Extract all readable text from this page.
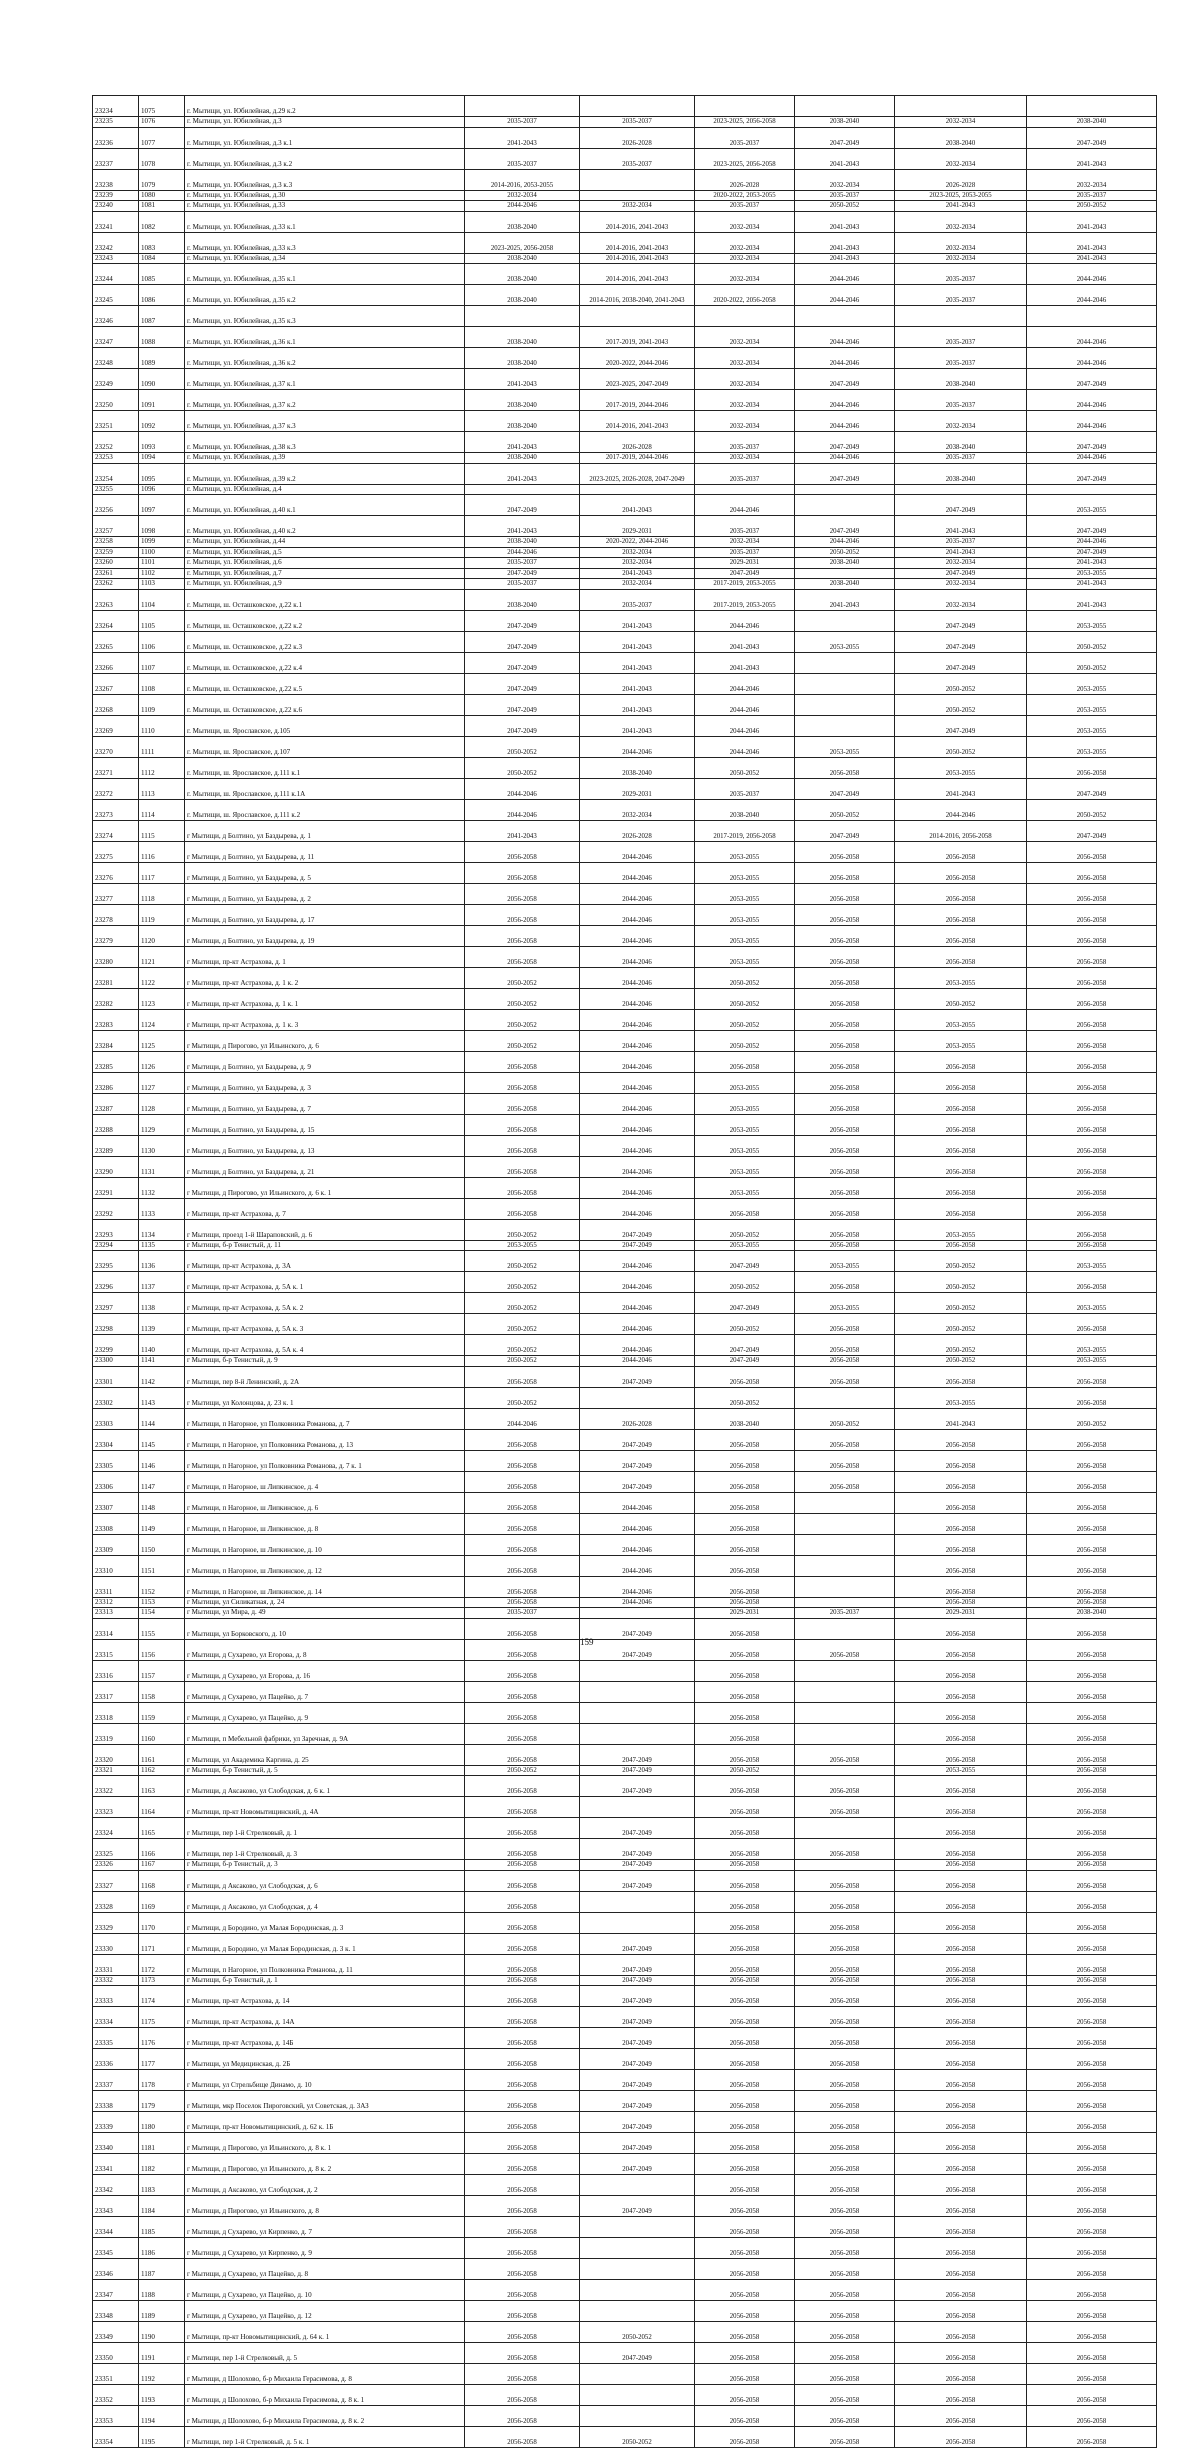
23234	1075	г. Мытищи, ул. Юбилейная, д.29 к.2						
23235	1076	г. Мытищи, ул. Юбилейная, д.3	2035-2037	2035-2037	2023-2025, 2056-2058	2038-2040	2032-2034	2038-2040
23236	1077	г. Мытищи, ул. Юбилейная, д.3 к.1	2041-2043	2026-2028	2035-2037	2047-2049	2038-2040	2047-2049
23237	1078	г. Мытищи, ул. Юбилейная, д.3 к.2	2035-2037	2035-2037	2023-2025, 2056-2058	2041-2043	2032-2034	2041-2043
23238	1079	г. Мытищи, ул. Юбилейная, д.3 к.3	2014-2016, 2053-2055		2026-2028	2032-2034	2026-2028	2032-2034
23239	1080	г. Мытищи, ул. Юбилейная, д.30	2032-2034		2020-2022, 2053-2055	2035-2037	2023-2025, 2053-2055	2035-2037
23240	1081	г. Мытищи, ул. Юбилейная, д.33	2044-2046	2032-2034	2035-2037	2050-2052	2041-2043	2050-2052
23241	1082	г. Мытищи, ул. Юбилейная, д.33 к.1	2038-2040	2014-2016, 2041-2043	2032-2034	2041-2043	2032-2034	2041-2043
23242	1083	г. Мытищи, ул. Юбилейная, д.33 к.3	2023-2025, 2056-2058	2014-2016, 2041-2043	2032-2034	2041-2043	2032-2034	2041-2043
23243	1084	г. Мытищи, ул. Юбилейная, д.34	2038-2040	2014-2016, 2041-2043	2032-2034	2041-2043	2032-2034	2041-2043
23244	1085	г. Мытищи, ул. Юбилейная, д.35 к.1	2038-2040	2014-2016, 2041-2043	2032-2034	2044-2046	2035-2037	2044-2046
23245	1086	г. Мытищи, ул. Юбилейная, д.35 к.2	2038-2040	2014-2016, 2038-2040, 2041-2043	2020-2022, 2056-2058	2044-2046	2035-2037	2044-2046
23246	1087	г. Мытищи, ул. Юбилейная, д.35 к.3						
23247	1088	г. Мытищи, ул. Юбилейная, д.36 к.1	2038-2040	2017-2019, 2041-2043	2032-2034	2044-2046	2035-2037	2044-2046
23248	1089	г. Мытищи, ул. Юбилейная, д.36 к.2	2038-2040	2020-2022, 2044-2046	2032-2034	2044-2046	2035-2037	2044-2046
23249	1090	г. Мытищи, ул. Юбилейная, д.37 к.1	2041-2043	2023-2025, 2047-2049	2032-2034	2047-2049	2038-2040	2047-2049
23250	1091	г. Мытищи, ул. Юбилейная, д.37 к.2	2038-2040	2017-2019, 2044-2046	2032-2034	2044-2046	2035-2037	2044-2046
23251	1092	г. Мытищи, ул. Юбилейная, д.37 к.3	2038-2040	2014-2016, 2041-2043	2032-2034	2044-2046	2032-2034	2044-2046
23252	1093	г. Мытищи, ул. Юбилейная, д.38 к.3	2041-2043	2026-2028	2035-2037	2047-2049	2038-2040	2047-2049
23253	1094	г. Мытищи, ул. Юбилейная, д.39	2038-2040	2017-2019, 2044-2046	2032-2034	2044-2046	2035-2037	2044-2046
23254	1095	г. Мытищи, ул. Юбилейная, д.39 к.2	2041-2043	2023-2025, 2026-2028, 2047-2049	2035-2037	2047-2049	2038-2040	2047-2049
23255	1096	г. Мытищи, ул. Юбилейная, д.4						
23256	1097	г. Мытищи, ул. Юбилейная, д.40 к.1	2047-2049	2041-2043	2044-2046		2047-2049	2053-2055
23257	1098	г. Мытищи, ул. Юбилейная, д.40 к.2	2041-2043	2029-2031	2035-2037	2047-2049	2041-2043	2047-2049
23258	1099	г. Мытищи, ул. Юбилейная, д.44	2038-2040	2020-2022, 2044-2046	2032-2034	2044-2046	2035-2037	2044-2046
23259	1100	г. Мытищи, ул. Юбилейная, д.5	2044-2046	2032-2034	2035-2037	2050-2052	2041-2043	2047-2049
23260	1101	г. Мытищи, ул. Юбилейная, д.6	2035-2037	2032-2034	2029-2031	2038-2040	2032-2034	2041-2043
23261	1102	г. Мытищи, ул. Юбилейная, д.7	2047-2049	2041-2043	2047-2049		2047-2049	2053-2055
23262	1103	г. Мытищи, ул. Юбилейная, д.9	2035-2037	2032-2034	2017-2019, 2053-2055	2038-2040	2032-2034	2041-2043
23263	1104	г. Мытищи, ш. Осташковское, д.22 к.1	2038-2040	2035-2037	2017-2019, 2053-2055	2041-2043	2032-2034	2041-2043
23264	1105	г. Мытищи, ш. Осташковское, д.22 к.2	2047-2049	2041-2043	2044-2046		2047-2049	2053-2055
23265	1106	г. Мытищи, ш. Осташковское, д.22 к.3	2047-2049	2041-2043	2041-2043	2053-2055	2047-2049	2050-2052
23266	1107	г. Мытищи, ш. Осташковское, д.22 к.4	2047-2049	2041-2043	2041-2043		2047-2049	2050-2052
23267	1108	г. Мытищи, ш. Осташковское, д.22 к.5	2047-2049	2041-2043	2044-2046		2050-2052	2053-2055
23268	1109	г. Мытищи, ш. Осташковское, д.22 к.6	2047-2049	2041-2043	2044-2046		2050-2052	2053-2055
23269	1110	г. Мытищи, ш. Ярославское, д.105	2047-2049	2041-2043	2044-2046		2047-2049	2053-2055
23270	1111	г. Мытищи, ш. Ярославское, д.107	2050-2052	2044-2046	2044-2046	2053-2055	2050-2052	2053-2055
23271	1112	г. Мытищи, ш. Ярославское, д.111 к.1	2050-2052	2038-2040	2050-2052	2056-2058	2053-2055	2056-2058
23272	1113	г. Мытищи, ш. Ярославское, д.111 к.1А	2044-2046	2029-2031	2035-2037	2047-2049	2041-2043	2047-2049
23273	1114	г. Мытищи, ш. Ярославское, д.111 к.2	2044-2046	2032-2034	2038-2040	2050-2052	2044-2046	2050-2052
23274	1115	г Мытищи, д Болтино, ул Баздырева, д. 1	2041-2043	2026-2028	2017-2019, 2056-2058	2047-2049	2014-2016, 2056-2058	2047-2049
23275	1116	г Мытищи, д Болтино, ул Баздырева, д. 11	2056-2058	2044-2046	2053-2055	2056-2058	2056-2058	2056-2058
23276	1117	г Мытищи, д Болтино, ул Баздырева, д. 5	2056-2058	2044-2046	2053-2055	2056-2058	2056-2058	2056-2058
23277	1118	г Мытищи, д Болтино, ул Баздырева, д. 2	2056-2058	2044-2046	2053-2055	2056-2058	2056-2058	2056-2058
23278	1119	г Мытищи, д Болтино, ул Баздырева, д. 17	2056-2058	2044-2046	2053-2055	2056-2058	2056-2058	2056-2058
23279	1120	г Мытищи, д Болтино, ул Баздырева, д. 19	2056-2058	2044-2046	2053-2055	2056-2058	2056-2058	2056-2058
23280	1121	г Мытищи, пр-кт Астрахова, д. 1	2056-2058	2044-2046	2053-2055	2056-2058	2056-2058	2056-2058
23281	1122	г Мытищи, пр-кт Астрахова, д. 1 к. 2	2050-2052	2044-2046	2050-2052	2056-2058	2053-2055	2056-2058
23282	1123	г Мытищи, пр-кт Астрахова, д. 1 к. 1	2050-2052	2044-2046	2050-2052	2056-2058	2050-2052	2056-2058
23283	1124	г Мытищи, пр-кт Астрахова, д. 1 к. 3	2050-2052	2044-2046	2050-2052	2056-2058	2053-2055	2056-2058
23284	1125	г Мытищи, д Пирогово, ул Ильинского, д. 6	2050-2052	2044-2046	2050-2052	2056-2058	2053-2055	2056-2058
23285	1126	г Мытищи, д Болтино, ул Баздырева, д. 9	2056-2058	2044-2046	2056-2058	2056-2058	2056-2058	2056-2058
23286	1127	г Мытищи, д Болтино, ул Баздырева, д. 3	2056-2058	2044-2046	2053-2055	2056-2058	2056-2058	2056-2058
23287	1128	г Мытищи, д Болтино, ул Баздырева, д. 7	2056-2058	2044-2046	2053-2055	2056-2058	2056-2058	2056-2058
23288	1129	г Мытищи, д Болтино, ул Баздырева, д. 15	2056-2058	2044-2046	2053-2055	2056-2058	2056-2058	2056-2058
23289	1130	г Мытищи, д Болтино, ул Баздырева, д. 13	2056-2058	2044-2046	2053-2055	2056-2058	2056-2058	2056-2058
23290	1131	г Мытищи, д Болтино, ул Баздырева, д. 21	2056-2058	2044-2046	2053-2055	2056-2058	2056-2058	2056-2058
23291	1132	г Мытищи, д Пирогово, ул Ильинского, д. 6 к. 1	2056-2058	2044-2046	2053-2055	2056-2058	2056-2058	2056-2058
23292	1133	г Мытищи, пр-кт Астрахова, д. 7	2056-2058	2044-2046	2056-2058	2056-2058	2056-2058	2056-2058
23293	1134	г Мытищи, проезд 1-й Шараповский, д. 6	2050-2052	2047-2049	2050-2052	2056-2058	2053-2055	2056-2058
23294	1135	г Мытищи, б-р Тенистый, д. 11	2053-2055	2047-2049	2053-2055	2056-2058	2056-2058	2056-2058
23295	1136	г Мытищи, пр-кт Астрахова, д. 3А	2050-2052	2044-2046	2047-2049	2053-2055	2050-2052	2053-2055
23296	1137	г Мытищи, пр-кт Астрахова, д. 5А к. 1	2050-2052	2044-2046	2050-2052	2056-2058	2050-2052	2056-2058
23297	1138	г Мытищи, пр-кт Астрахова, д. 5А к. 2	2050-2052	2044-2046	2047-2049	2053-2055	2050-2052	2053-2055
23298	1139	г Мытищи, пр-кт Астрахова, д. 5А к. 3	2050-2052	2044-2046	2050-2052	2056-2058	2050-2052	2056-2058
23299	1140	г Мытищи, пр-кт Астрахова, д. 5А к. 4	2050-2052	2044-2046	2047-2049	2056-2058	2050-2052	2053-2055
23300	1141	г Мытищи, б-р Тенистый, д. 9	2050-2052	2044-2046	2047-2049	2056-2058	2050-2052	2053-2055
23301	1142	г Мытищи, пер 8-й Ленинский, д. 2А	2056-2058	2047-2049	2056-2058	2056-2058	2056-2058	2056-2058
23302	1143	г Мытищи, ул Колонцова, д. 23 к. 1	2050-2052		2050-2052		2053-2055	2056-2058
23303	1144	г Мытищи, п Нагорное, ул Полковника Романова, д. 7	2044-2046	2026-2028	2038-2040	2050-2052	2041-2043	2050-2052
23304	1145	г Мытищи, п Нагорное, ул Полковника Романова, д. 13	2056-2058	2047-2049	2056-2058	2056-2058	2056-2058	2056-2058
23305	1146	г Мытищи, п Нагорное, ул Полковника Романова, д. 7 к. 1	2056-2058	2047-2049	2056-2058	2056-2058	2056-2058	2056-2058
23306	1147	г Мытищи, п Нагорное, ш Липкинское, д. 4	2056-2058	2047-2049	2056-2058	2056-2058	2056-2058	2056-2058
23307	1148	г Мытищи, п Нагорное, ш Липкинское, д. 6	2056-2058	2044-2046	2056-2058		2056-2058	2056-2058
23308	1149	г Мытищи, п Нагорное, ш Липкинское, д. 8	2056-2058	2044-2046	2056-2058		2056-2058	2056-2058
23309	1150	г Мытищи, п Нагорное, ш Липкинское, д. 10	2056-2058	2044-2046	2056-2058		2056-2058	2056-2058
23310	1151	г Мытищи, п Нагорное, ш Липкинское, д. 12	2056-2058	2044-2046	2056-2058		2056-2058	2056-2058
23311	1152	г Мытищи, п Нагорное, ш Липкинское, д. 14	2056-2058	2044-2046	2056-2058		2056-2058	2056-2058
23312	1153	г Мытищи, ул Силикатная, д. 24	2056-2058	2044-2046	2056-2058		2056-2058	2056-2058
23313	1154	г Мытищи, ул Мира, д. 49	2035-2037		2029-2031	2035-2037	2029-2031	2038-2040
23314	1155	г Мытищи, ул Борковского, д. 10	2056-2058	2047-2049	2056-2058		2056-2058	2056-2058
23315	1156	г Мытищи, д Сухарево, ул Егорова, д. 8	2056-2058	2047-2049	2056-2058	2056-2058	2056-2058	2056-2058
23316	1157	г Мытищи, д Сухарево, ул Егорова, д. 16	2056-2058		2056-2058		2056-2058	2056-2058
23317	1158	г Мытищи, д Сухарево, ул Пацейко, д. 7	2056-2058		2056-2058		2056-2058	2056-2058
23318	1159	г Мытищи, д Сухарево, ул Пацейко, д. 9	2056-2058		2056-2058		2056-2058	2056-2058
23319	1160	г Мытищи, п Мебельной фабрики, ул Заречная, д. 9А	2056-2058		2056-2058		2056-2058	2056-2058
23320	1161	г Мытищи, ул Академика Каргина, д. 25	2056-2058	2047-2049	2056-2058	2056-2058	2056-2058	2056-2058
23321	1162	г Мытищи, б-р Тенистый, д. 5	2050-2052	2047-2049	2050-2052		2053-2055	2056-2058
23322	1163	г Мытищи, д Аксаково, ул Слободская, д. 6 к. 1	2056-2058	2047-2049	2056-2058	2056-2058	2056-2058	2056-2058
23323	1164	г Мытищи, пр-кт Новомытищинский, д. 4А	2056-2058		2056-2058	2056-2058	2056-2058	2056-2058
23324	1165	г Мытищи, пер 1-й Стрелковый, д. 1	2056-2058	2047-2049	2056-2058		2056-2058	2056-2058
23325	1166	г Мытищи, пер 1-й Стрелковый, д. 3	2056-2058	2047-2049	2056-2058	2056-2058	2056-2058	2056-2058
23326	1167	г Мытищи, б-р Тенистый, д. 3	2056-2058	2047-2049	2056-2058		2056-2058	2056-2058
23327	1168	г Мытищи, д Аксаково, ул Слободская, д. 6	2056-2058	2047-2049	2056-2058	2056-2058	2056-2058	2056-2058
23328	1169	г Мытищи, д Аксаково, ул Слободская, д. 4	2056-2058		2056-2058	2056-2058	2056-2058	2056-2058
23329	1170	г Мытищи, д Бородино, ул Малая Бородинская, д. 3	2056-2058		2056-2058	2056-2058	2056-2058	2056-2058
23330	1171	г Мытищи, д Бородино, ул Малая Бородинская, д. 3 к. 1	2056-2058	2047-2049	2056-2058	2056-2058	2056-2058	2056-2058
23331	1172	г Мытищи, п Нагорное, ул Полковника Романова, д. 11	2056-2058	2047-2049	2056-2058	2056-2058	2056-2058	2056-2058
23332	1173	г Мытищи, б-р Тенистый, д. 1	2056-2058	2047-2049	2056-2058	2056-2058	2056-2058	2056-2058
23333	1174	г Мытищи, пр-кт Астрахова, д. 14	2056-2058	2047-2049	2056-2058	2056-2058	2056-2058	2056-2058
23334	1175	г Мытищи, пр-кт Астрахова, д. 14А	2056-2058	2047-2049	2056-2058	2056-2058	2056-2058	2056-2058
23335	1176	г Мытищи, пр-кт Астрахова, д. 14Б	2056-2058	2047-2049	2056-2058	2056-2058	2056-2058	2056-2058
23336	1177	г Мытищи, ул Медицинская, д. 2Б	2056-2058	2047-2049	2056-2058	2056-2058	2056-2058	2056-2058
23337	1178	г Мытищи, ул Стрельбище Динамо, д. 10	2056-2058	2047-2049	2056-2058	2056-2058	2056-2058	2056-2058
23338	1179	г Мытищи, мкр Поселок Пироговский, ул Советская, д. 3АЗ	2056-2058	2047-2049	2056-2058	2056-2058	2056-2058	2056-2058
23339	1180	г Мытищи, пр-кт Новомытищинский, д. 62 к. 1Б	2056-2058	2047-2049	2056-2058	2056-2058	2056-2058	2056-2058
23340	1181	г Мытищи, д Пирогово, ул Ильинского, д. 8 к. 1	2056-2058	2047-2049	2056-2058	2056-2058	2056-2058	2056-2058
23341	1182	г Мытищи, д Пирогово, ул Ильинского, д. 8 к. 2	2056-2058	2047-2049	2056-2058	2056-2058	2056-2058	2056-2058
23342	1183	г Мытищи, д Аксаково, ул Слободская, д. 2	2056-2058		2056-2058	2056-2058	2056-2058	2056-2058
23343	1184	г Мытищи, д Пирогово, ул Ильинского, д. 8	2056-2058	2047-2049	2056-2058	2056-2058	2056-2058	2056-2058
23344	1185	г Мытищи, д Сухарево, ул Кирпенко, д. 7	2056-2058		2056-2058	2056-2058	2056-2058	2056-2058
23345	1186	г Мытищи, д Сухарево, ул Кирпенко, д. 9	2056-2058		2056-2058	2056-2058	2056-2058	2056-2058
23346	1187	г Мытищи, д Сухарево, ул Пацейко, д. 8	2056-2058		2056-2058	2056-2058	2056-2058	2056-2058
23347	1188	г Мытищи, д Сухарево, ул Пацейко, д. 10	2056-2058		2056-2058	2056-2058	2056-2058	2056-2058
23348	1189	г Мытищи, д Сухарево, ул Пацейко, д. 12	2056-2058		2056-2058	2056-2058	2056-2058	2056-2058
23349	1190	г Мытищи, пр-кт Новомытищинский, д. 64 к. 1	2056-2058	2050-2052	2056-2058	2056-2058	2056-2058	2056-2058
23350	1191	г Мытищи, пер 1-й Стрелковый, д. 5	2056-2058	2047-2049	2056-2058	2056-2058	2056-2058	2056-2058
23351	1192	г Мытищи, д Шолохово, б-р Михаила Герасимова, д. 8	2056-2058		2056-2058	2056-2058	2056-2058	2056-2058
23352	1193	г Мытищи, д Шолохово, б-р Михаила Герасимова, д. 8 к. 1	2056-2058		2056-2058	2056-2058	2056-2058	2056-2058
23353	1194	г Мытищи, д Шолохово, б-р Михаила Герасимова, д. 8 к. 2	2056-2058		2056-2058	2056-2058	2056-2058	2056-2058
23354	1195	г Мытищи, пер 1-й Стрелковый, д. 5 к. 1	2056-2058	2050-2052	2056-2058	2056-2058	2056-2058	2056-2058
159
